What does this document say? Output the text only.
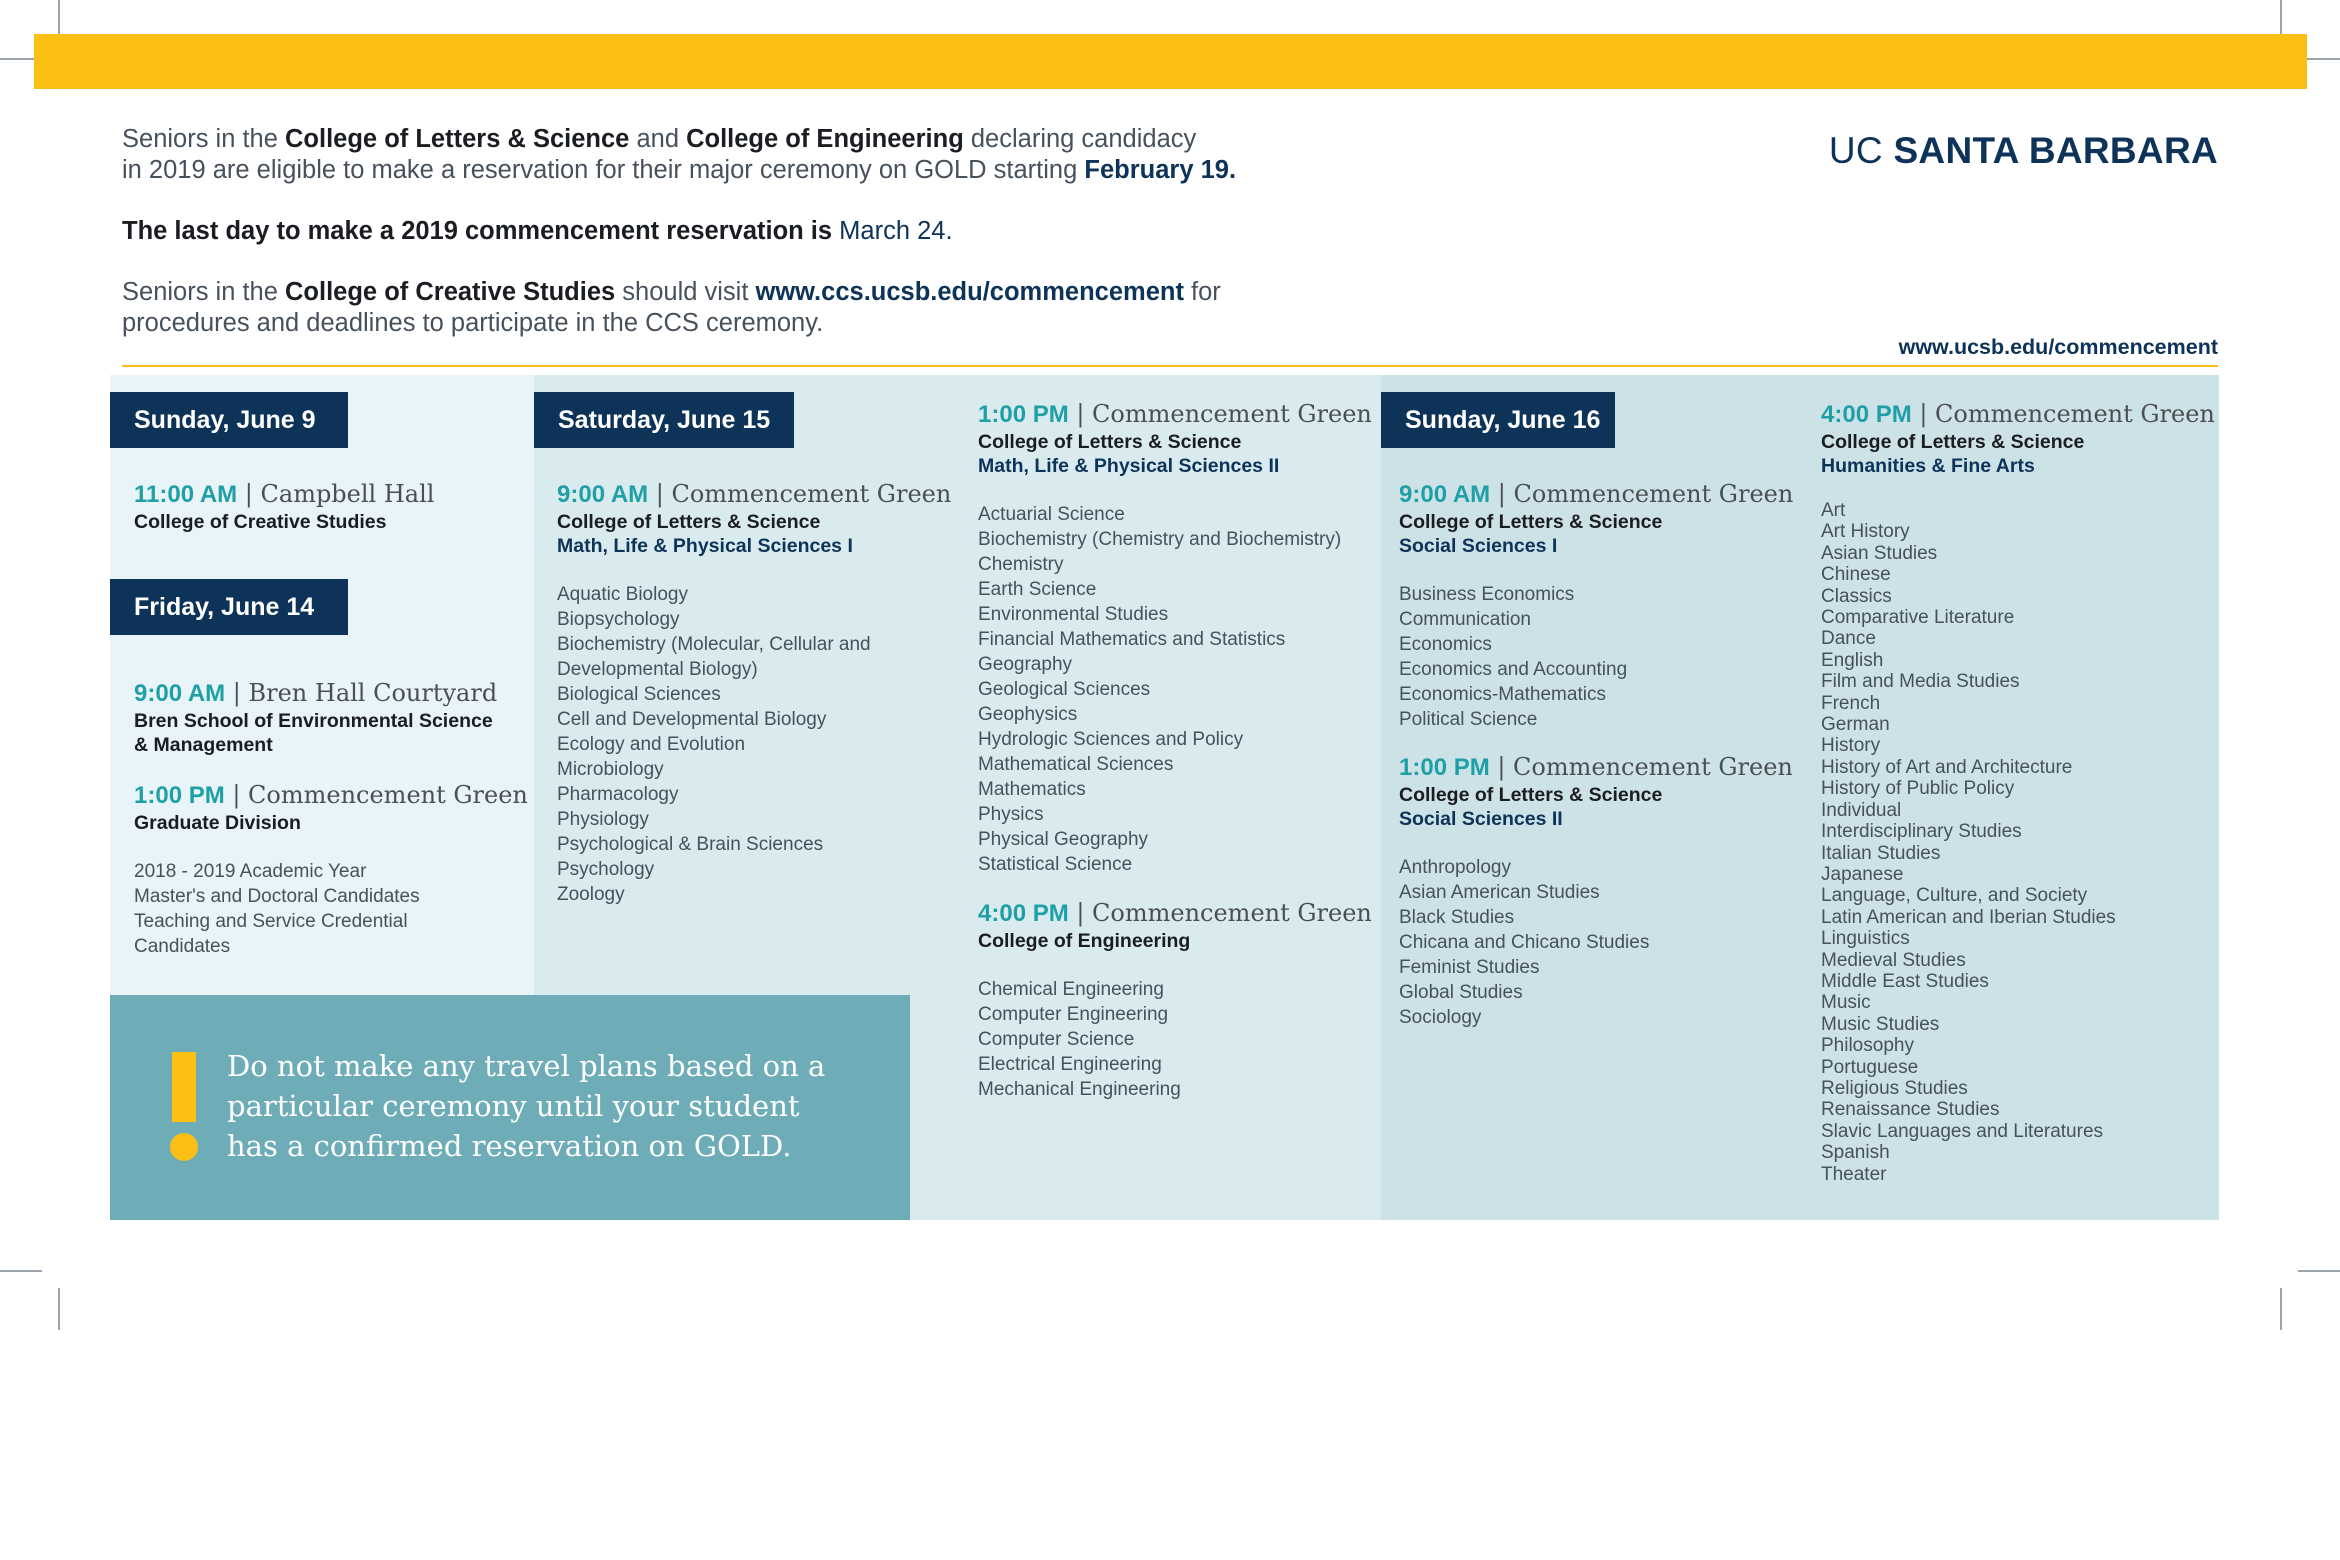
Seniors in the College of Letters & Science and College of Engineering declaring candidacy
in 2019 are eligible to make a reservation for their major ceremony on GOLD starting February 19.

The last day to make a 2019 commencement reservation is March 24.

Seniors in the College of Creative Studies should visit www.ccs.ucsb.edu/commencement for
procedures and deadlines to participate in the CCS ceremony.

UC SANTA BARBARA
www.ucsb.edu/commencement
Sunday, June 9
11:00 AM | Campbell Hall
College of Creative Studies
Friday, June 14
9:00 AM | Bren Hall Courtyard
Bren School of Environmental Science
& Management
1:00 PM | Commencement Green
Graduate Division
2018 - 2019 Academic Year
Master's and Doctoral Candidates
Teaching and Service Credential
Candidates
Saturday, June 15
9:00 AM | Commencement Green
College of Letters & Science
Math, Life & Physical Sciences I
Aquatic Biology
Biopsychology
Biochemistry (Molecular, Cellular and
Developmental Biology)
Biological Sciences
Cell and Developmental Biology
Ecology and Evolution
Microbiology
Pharmacology
Physiology
Psychological & Brain Sciences
Psychology
Zoology
1:00 PM | Commencement Green
College of Letters & Science
Math, Life & Physical Sciences II
Actuarial Science
Biochemistry (Chemistry and Biochemistry)
Chemistry
Earth Science
Environmental Studies
Financial Mathematics and Statistics
Geography
Geological Sciences
Geophysics
Hydrologic Sciences and Policy
Mathematical Sciences
Mathematics
Physics
Physical Geography
Statistical Science
4:00 PM | Commencement Green
College of Engineering
Chemical Engineering
Computer Engineering
Computer Science
Electrical Engineering
Mechanical Engineering
Sunday, June 16
9:00 AM | Commencement Green
College of Letters & Science
Social Sciences I
Business Economics
Communication
Economics
Economics and Accounting
Economics-Mathematics
Political Science
1:00 PM | Commencement Green
College of Letters & Science
Social Sciences II
Anthropology
Asian American Studies
Black Studies
Chicana and Chicano Studies
Feminist Studies
Global Studies
Sociology
4:00 PM | Commencement Green
College of Letters & Science
Humanities & Fine Arts
Art
Art History
Asian Studies
Chinese
Classics
Comparative Literature
Dance
English
Film and Media Studies
French
German
History
History of Art and Architecture
History of Public Policy
Individual
Interdisciplinary Studies
Italian Studies
Japanese
Language, Culture, and Society
Latin American and Iberian Studies
Linguistics
Medieval Studies
Middle East Studies
Music
Music Studies
Philosophy
Portuguese
Religious Studies
Renaissance Studies
Slavic Languages and Literatures
Spanish
Theater
Do not make any travel plans based on a
particular ceremony until your student
has a confirmed reservation on GOLD.
